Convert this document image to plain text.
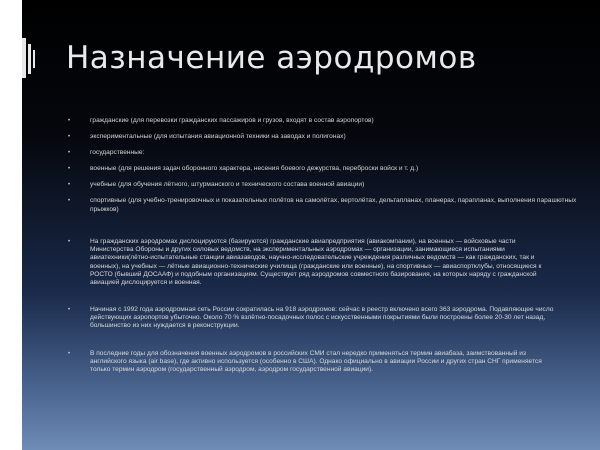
Назначение аэродромов
•	гражданские (для перевозки гражданских пассажиров и грузов, входят в состав аэропортов)
•	экспериментальные (для испытания авиационной техники на заводах и полигонах)
•	государственные:
•	военные (для решения задач оборонного характера, несения боевого дежурства, переброски войск и т. д.)
•	учебные (для обучения лётного, штурманского и технического состава военной авиации)
•	спортивные (для учебно-тренировочных и показательных полётов на самолётах, вертолётах, дельтапланах, планерах, парапланах, выполнения парашютных прыжков)

•	На гражданских аэродромах дислоцируются (базируются) гражданские авиапредприятия (авиакомпании), на военных — войсковые части Министерства Обороны и других силовых ведомств, на экспериментальных аэродромах — организации, занимающиеся испытаниями авиатехники(лётно-испытательные станции авиазаводов, научно-исследовательские учреждения различных ведомств — как гражданских, так и военных), на учебных — лётные авиационно-технические училища (гражданские или военные), на спортивных — авиаспортклубы, относящиеся к РОСТО (бывший ДОСААФ) и подобным организациям. Существует ряд аэродромов совместного базирования, на которых наряду с гражданской авиацией дислоцируется и военная.

•	Начиная с 1992 года аэродромная сеть России сократилась на 918 аэродромов: сейчас в реестр включено всего 363 аэродрома. Подавляющее число действующих аэропортов убыточно. Около 70 % взлётно-посадочных полос с искусственными покрытиями были построены более 20-30 лет назад, большинство из них нуждается в реконструкции.

•	В последние годы для обозначения военных аэродромов в российских СМИ стал нередко применяться термин авиабаза, заимствованный из английского языка (air base), где активно используется (особенно в США). Однако официально в авиации России и других стран СНГ применяется только термин аэродром (государственный аэродром, аэродром государственной авиации).
